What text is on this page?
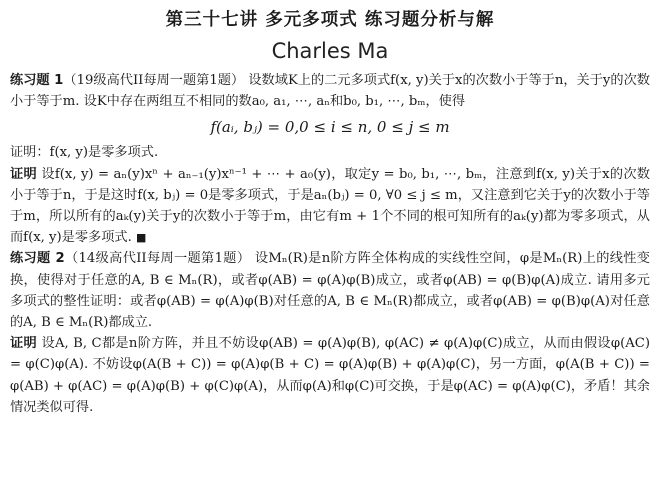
第三十七讲 多元多项式 练习题分析与解
Charles Ma
练习题 1（19级高代II每周一题第1题） 设数域K上的二元多项式f(x, y)关于x的次数小于等于n，关于y的次数小于等于m. 设K中存在两组互不相同的数a₀, a₁, ⋯, aₙ和b₀, b₁, ⋯, bₘ，使得
f(aᵢ, bⱼ) = 0,0 ≤ i ≤ n, 0 ≤ j ≤ m
证明：f(x, y)是零多项式.
证明 设f(x, y) = aₙ(y)xⁿ + aₙ₋₁(y)xⁿ⁻¹ + ⋯ + a₀(y)，取定y = b₀, b₁, ⋯, bₘ，注意到f(x, y)关于x的次数小于等于n，于是这时f(x, bⱼ) = 0是零多项式，于是aₙ(bⱼ) = 0, ∀0 ≤ j ≤ m，又注意到它关于y的次数小于等于m，所以所有的aₖ(y)关于y的次数小于等于m，由它有m + 1个不同的根可知所有的aₖ(y)都为零多项式，从而f(x, y)是零多项式. ■
练习题 2（14级高代II每周一题第1题） 设Mₙ(R)是n阶方阵全体构成的实线性空间，φ是Mₙ(R)上的线性变换，使得对于任意的A, B ∈ Mₙ(R)，或者φ(AB) = φ(A)φ(B)成立，或者φ(AB) = φ(B)φ(A)成立. 请用多元多项式的整性证明：或者φ(AB) = φ(A)φ(B)对任意的A, B ∈ Mₙ(R)都成立，或者φ(AB) = φ(B)φ(A)对任意的A, B ∈ Mₙ(R)都成立.
证明 设A, B, C都是n阶方阵，并且不妨设φ(AB) = φ(A)φ(B), φ(AC) ≠ φ(A)φ(C)成立，从而由假设φ(AC) = φ(C)φ(A). 不妨设φ(A(B + C)) = φ(A)φ(B + C) = φ(A)φ(B) + φ(A)φ(C)，另一方面，φ(A(B + C)) = φ(AB) + φ(AC) = φ(A)φ(B) + φ(C)φ(A)，从而φ(A)和φ(C)可交换，于是φ(AC) = φ(A)φ(C)，矛盾！其余情况类似可得.
